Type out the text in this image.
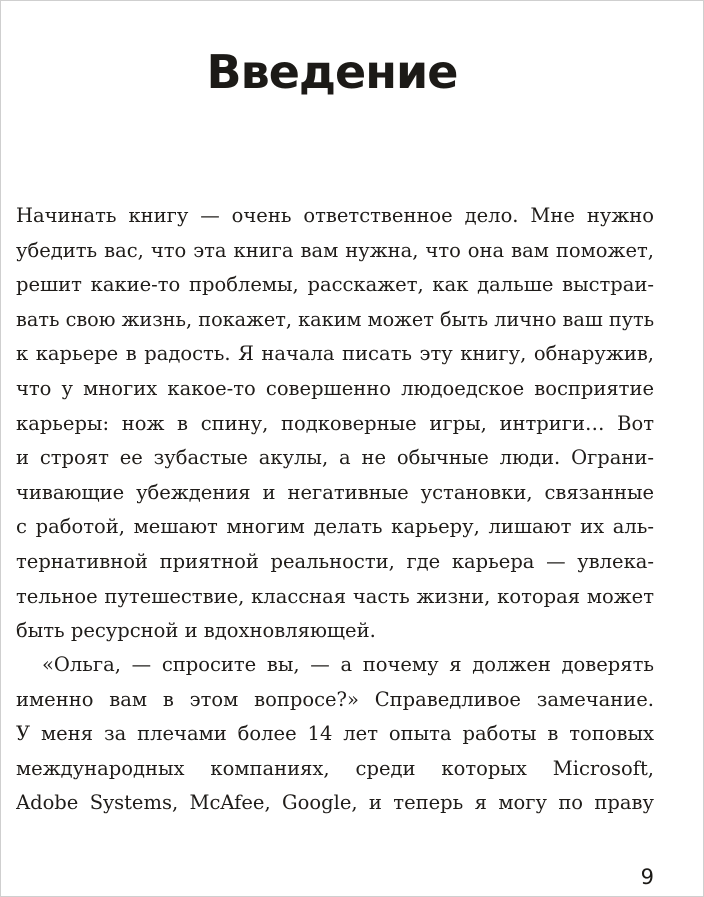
Введение
Начинать книгу — очень ответственное дело. Мне нужно
убедить вас, что эта книга вам нужна, что она вам поможет,
решит какие-то проблемы, расскажет, как дальше выстраи-
вать свою жизнь, покажет, каким может быть лично ваш путь
к карьере в радость. Я начала писать эту книгу, обнаружив,
что у многих какое-то совершенно людоедское восприятие
карьеры: нож в спину, подковерные игры, интриги… Вот
и строят ее зубастые акулы, а не обычные люди. Ограни-
чивающие убеждения и негативные установки, связанные
с работой, мешают многим делать карьеру, лишают их аль-
тернативной приятной реальности, где карьера — увлека-
тельное путешествие, классная часть жизни, которая может
быть ресурсной и вдохновляющей.
«Ольга, — спросите вы, — а почему я должен доверять
именно вам в этом вопросе?» Справедливое замечание.
У меня за плечами более 14 лет опыта работы в топовых
международных компаниях, среди которых Microsoft,
Adobe Systems, McAfee, Google, и теперь я могу по праву
9
